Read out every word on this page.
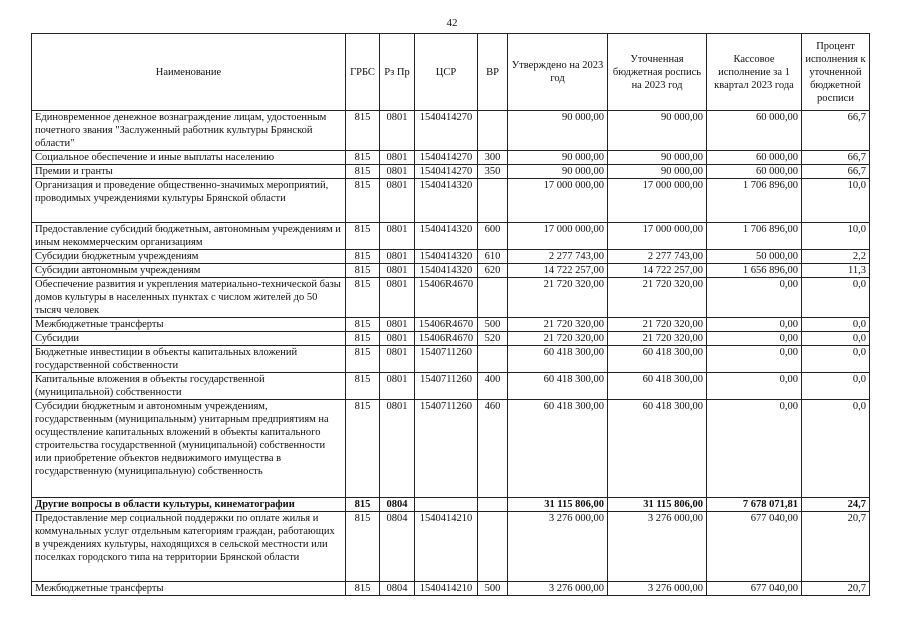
42
Наименование	ГРБС	Рз Пр	ЦСР	ВР	Утверждено на 2023 год	Уточненная бюджетная роспись на 2023 год	Кассовое исполнение за 1 квартал 2023 года	Процент исполнения к уточненной бюджетной росписи
Единовременное денежное вознаграждение лицам, удостоенным почетного звания "Заслуженный работник культуры Брянской области"	815	0801	1540414270		90 000,00	90 000,00	60 000,00	66,7
Социальное обеспечение и иные выплаты населению	815	0801	1540414270	300	90 000,00	90 000,00	60 000,00	66,7
Премии и гранты	815	0801	1540414270	350	90 000,00	90 000,00	60 000,00	66,7
Организация и проведение общественно-значимых мероприятий, проводимых учреждениями культуры Брянской области	815	0801	1540414320		17 000 000,00	17 000 000,00	1 706 896,00	10,0
Предоставление субсидий бюджетным, автономным учреждениям и иным некоммерческим организациям	815	0801	1540414320	600	17 000 000,00	17 000 000,00	1 706 896,00	10,0
Субсидии бюджетным учреждениям	815	0801	1540414320	610	2 277 743,00	2 277 743,00	50 000,00	2,2
Субсидии автономным учреждениям	815	0801	1540414320	620	14 722 257,00	14 722 257,00	1 656 896,00	11,3
Обеспечение развития и укрепления материально-технической базы домов культуры в населенных пунктах с числом жителей до 50 тысяч человек	815	0801	15406R4670		21 720 320,00	21 720 320,00	0,00	0,0
Межбюджетные трансферты	815	0801	15406R4670	500	21 720 320,00	21 720 320,00	0,00	0,0
Субсидии	815	0801	15406R4670	520	21 720 320,00	21 720 320,00	0,00	0,0
Бюджетные инвестиции в объекты капитальных вложений государственной собственности	815	0801	1540711260		60 418 300,00	60 418 300,00	0,00	0,0
Капитальные вложения в объекты государственной (муниципальной) собственности	815	0801	1540711260	400	60 418 300,00	60 418 300,00	0,00	0,0
Субсидии бюджетным и автономным учреждениям, государственным (муниципальным) унитарным предприятиям на осуществление капитальных вложений в объекты капитального строительства государственной (муниципальной) собственности или приобретение объектов недвижимого имущества в государственную (муниципальную) собственность	815	0801	1540711260	460	60 418 300,00	60 418 300,00	0,00	0,0
Другие вопросы в области культуры, кинематографии	815	0804			31 115 806,00	31 115 806,00	7 678 071,81	24,7
Предоставление мер социальной поддержки по оплате жилья и коммунальных услуг отдельным категориям граждан, работающих в учреждениях культуры, находящихся в сельской местности или поселках городского типа на территории Брянской области	815	0804	1540414210		3 276 000,00	3 276 000,00	677 040,00	20,7
Межбюджетные трансферты	815	0804	1540414210	500	3 276 000,00	3 276 000,00	677 040,00	20,7
